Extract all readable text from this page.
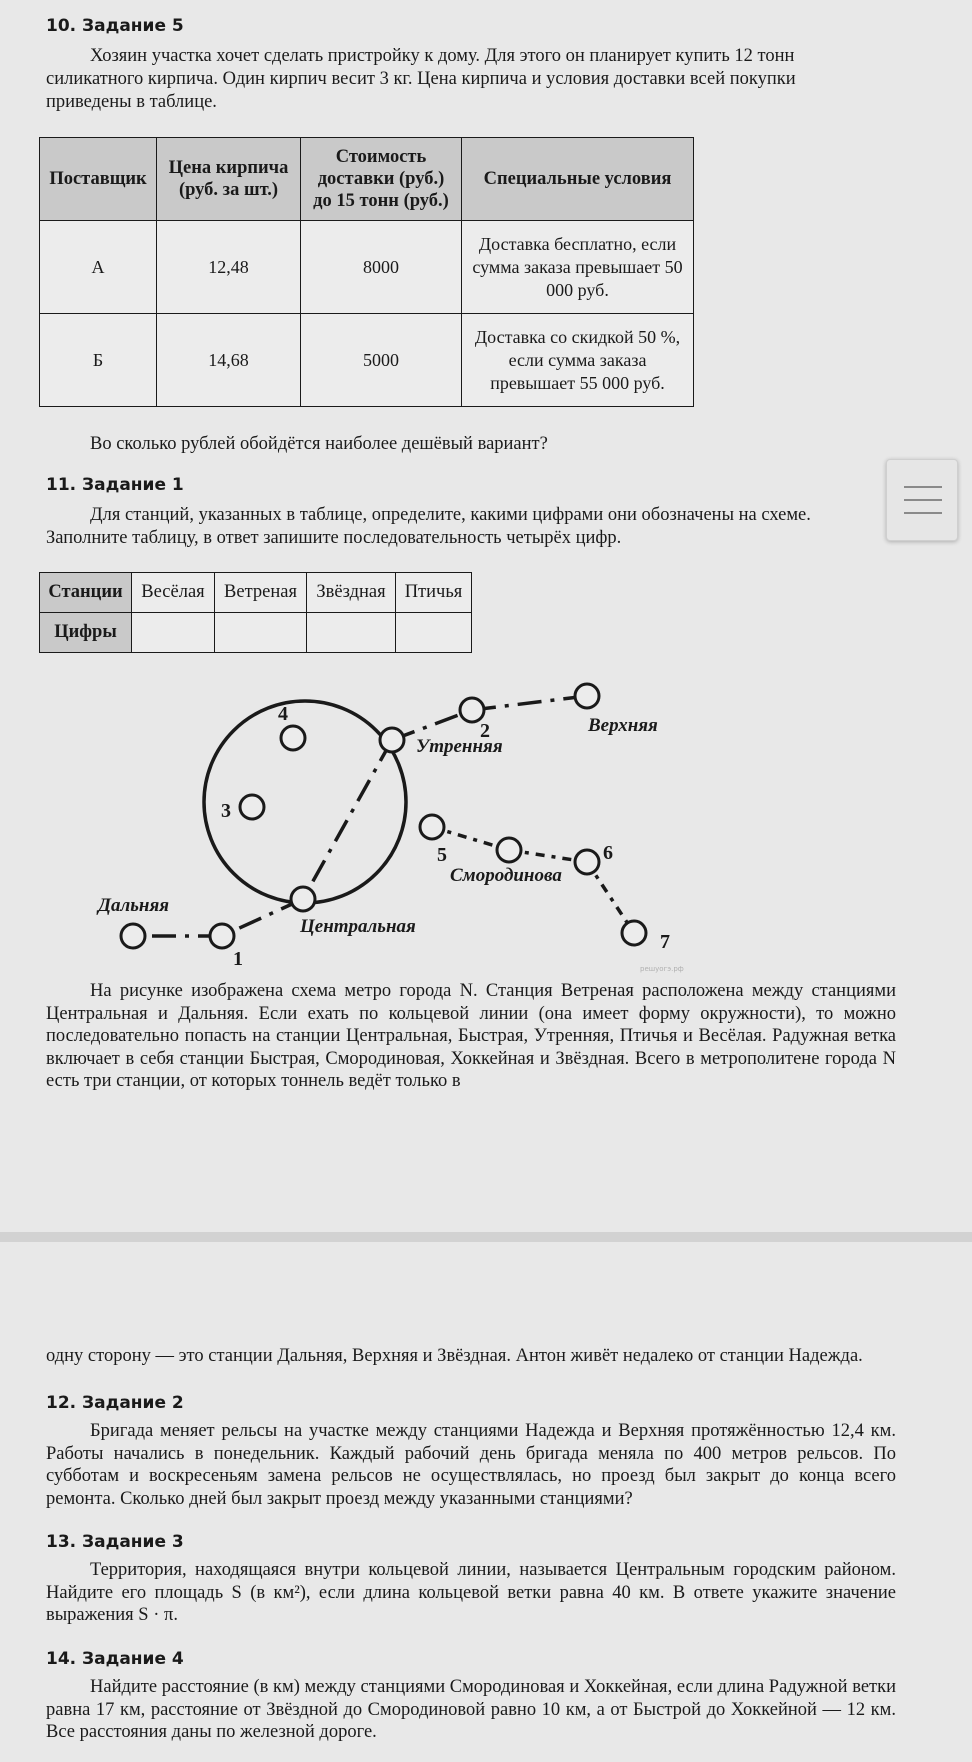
10. Задание 5
Хозяин участка хочет сделать пристройку к дому. Для этого он планирует купить 12 тонн
силикатного кирпича. Один кирпич весит 3 кг. Цена кирпича и условия доставки всей покупки
приведены в таблице.
Поставщик	Цена кирпича (руб. за шт.)	Стоимость доставки (руб.) до 15 тонн (руб.)	Специальные условия
А	12,48	8000	Доставка бесплатно, если сумма заказа превышает 50 000 руб.
Б	14,68	5000	Доставка со скидкой 50 %, если сумма заказа превышает 55 000 руб.
Во сколько рублей обойдётся наиболее дешёвый вариант?
11. Задание 1
Для станций, указанных в таблице, определите, какими цифрами они обозначены на схеме.
Заполните таблицу, в ответ запишите последовательность четырёх цифр.
Станции	Весёлая	Ветреная	Звёздная	Птичья
Цифры				
Верхняя
Утренняя
Смородинова
Дальняя
Центральная
1
2
3
4
5	6
7
решуогэ.рф
На рисунке изображена схема метро города N. Станция Ветреная расположена между станциями Центральная и Дальняя. Если ехать по кольцевой линии (она имеет форму окружности), то можно последовательно попасть на станции Центральная, Быстрая, Утренняя, Птичья и Весёлая. Радужная ветка включает в себя станции Быстрая, Смородиновая, Хоккейная и Звёздная. Всего в метрополитене города N есть три станции, от которых тоннель ведёт только в
одну сторону — это станции Дальняя, Верхняя и Звёздная. Антон живёт недалеко от станции Надежда.
12. Задание 2
Бригада меняет рельсы на участке между станциями Надежда и Верхняя протяжённостью 12,4 км. Работы начались в понедельник. Каждый рабочий день бригада меняла по 400 метров рельсов. По субботам и воскресеньям замена рельсов не осуществлялась, но проезд был закрыт до конца всего ремонта. Сколько дней был закрыт проезд между указанными станциями?
13. Задание 3
Территория, находящаяся внутри кольцевой линии, называется Центральным городским районом. Найдите его площадь S (в км²), если длина кольцевой ветки равна 40 км. В ответе укажите значение выражения S · π.
14. Задание 4
Найдите расстояние (в км) между станциями Смородиновая и Хоккейная, если длина Радужной ветки равна 17 км, расстояние от Звёздной до Смородиновой равно 10 км, а от Быстрой до Хоккейной — 12 км. Все расстояния даны по железной дороге.
